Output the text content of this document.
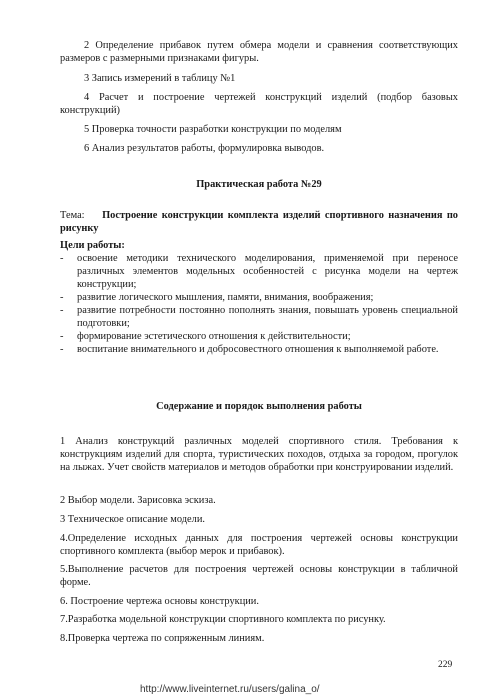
2 Определение прибавок путем обмера модели и сравнения соответствующих размеров с размерными признаками фигуры.

3 Запись измерений в таблицу №1

4 Расчет и построение чертежей конструкций изделий (подбор базовых конструкций)

5 Проверка точности разработки конструкции по моделям

6 Анализ результатов работы, формулировка выводов.

Практическая работа №29

Тема: Построение конструкции комплекта изделий спортивного назначения по рисунку

Цели работы:

- освоение методики технического моделирования, применяемой при переносе различных элементов модельных особенностей с рисунка модели на чертеж конструкции;
- развитие логического мышления, памяти, внимания, воображения;
- развитие потребности постоянно пополнять знания, повышать уровень специальной подготовки;
- формирование эстетического отношения к действительности;
- воспитание внимательного и добросовестного отношения к выполняемой работе.

Содержание и порядок выполнения работы

1 Анализ конструкций различных моделей спортивного стиля. Требования к конструкциям изделий для спорта, туристических походов, отдыха за городом, прогулок на лыжах. Учет свойств материалов и методов обработки при конструировании изделий.

2 Выбор модели. Зарисовка эскиза.

3 Техническое описание модели.

4.Определение исходных данных для построения чертежей основы конструкции спортивного комплекта (выбор мерок и прибавок).

5.Выполнение расчетов для построения чертежей основы конструкции в табличной форме.

6. Построение чертежа основы конструкции.

7.Разработка модельной конструкции спортивного комплекта по рисунку.

8.Проверка чертежа по сопряженным линиям.

229
http://www.liveinternet.ru/users/galina_o/
